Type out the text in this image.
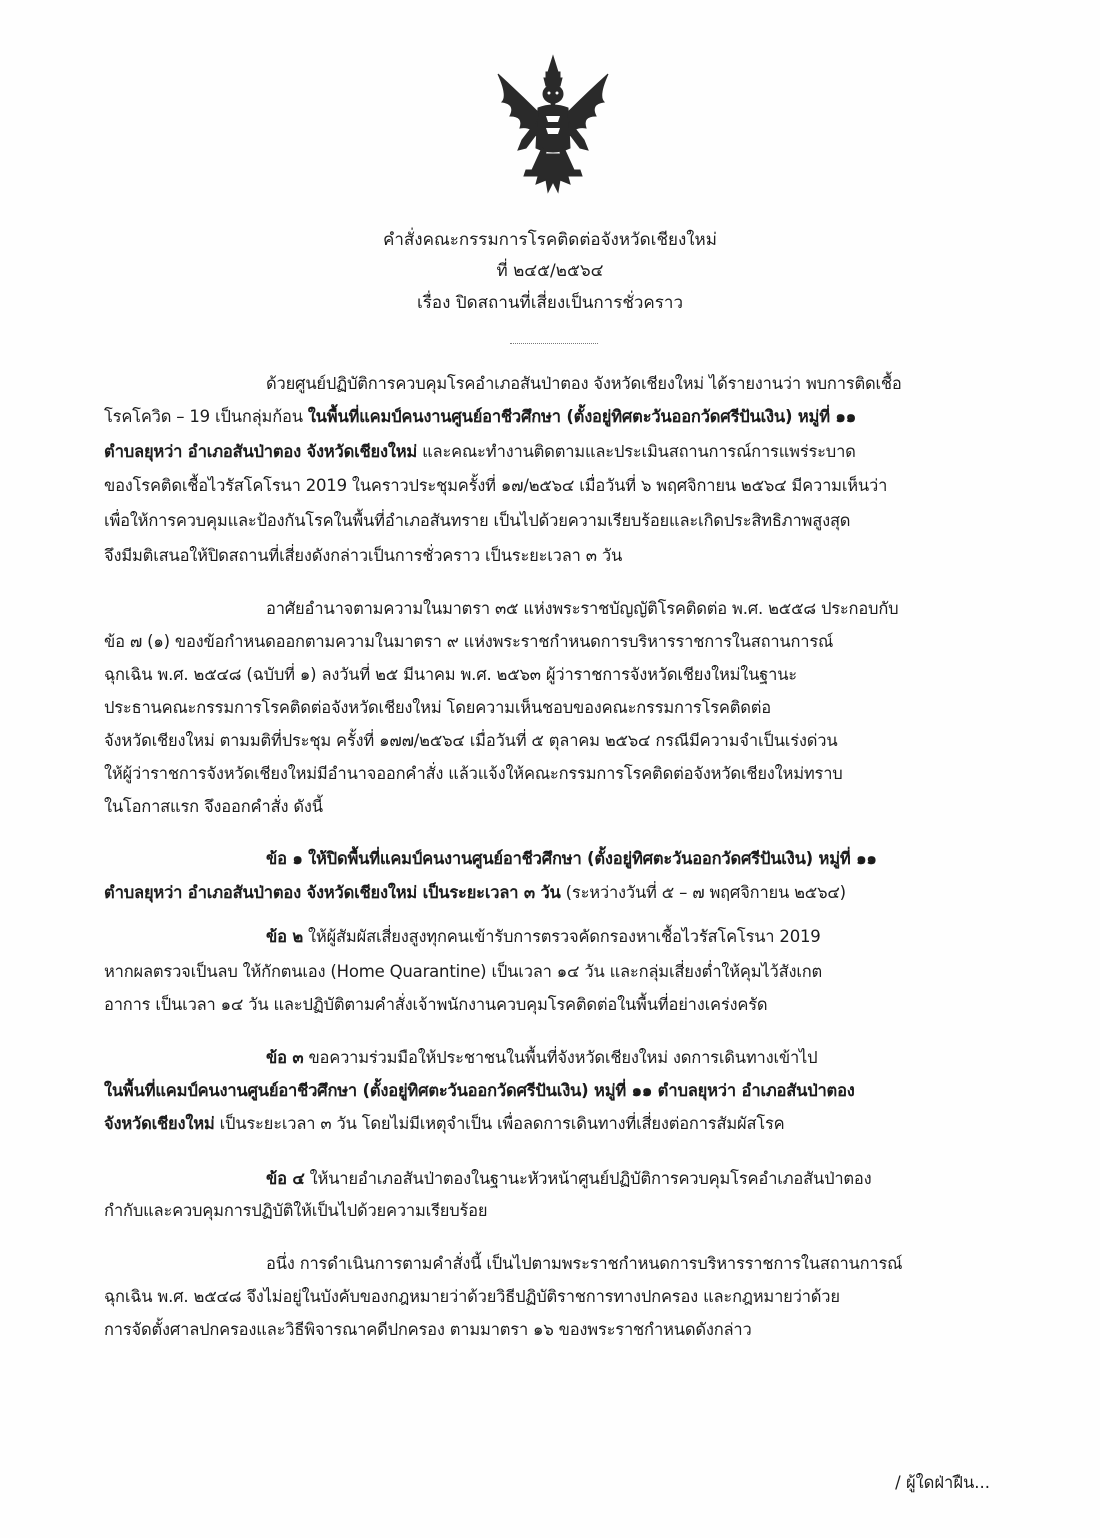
คำสั่งคณะกรรมการโรคติดต่อจังหวัดเชียงใหม่
ที่ ๒๔๕/๒๕๖๔
เรื่อง ปิดสถานที่เสี่ยงเป็นการชั่วคราว
ด้วยศูนย์ปฏิบัติการควบคุมโรคอำเภอสันป่าตอง จังหวัดเชียงใหม่ ได้รายงานว่า พบการติดเชื้อ
โรคโควิด – 19 เป็นกลุ่มก้อน ในพื้นที่แคมป์คนงานศูนย์อาชีวศึกษา (ตั้งอยู่ทิศตะวันออกวัดศรีปันเงิน) หมู่ที่ ๑๑
ตำบลยุหว่า อำเภอสันป่าตอง จังหวัดเชียงใหม่ และคณะทำงานติดตามและประเมินสถานการณ์การแพร่ระบาด
ของโรคติดเชื้อไวรัสโคโรนา 2019 ในคราวประชุมครั้งที่ ๑๗/๒๕๖๔ เมื่อวันที่ ๖ พฤศจิกายน ๒๕๖๔ มีความเห็นว่า
เพื่อให้การควบคุมและป้องกันโรคในพื้นที่อำเภอสันทราย เป็นไปด้วยความเรียบร้อยและเกิดประสิทธิภาพสูงสุด
จึงมีมติเสนอให้ปิดสถานที่เสี่ยงดังกล่าวเป็นการชั่วคราว เป็นระยะเวลา ๓ วัน
อาศัยอำนาจตามความในมาตรา ๓๕ แห่งพระราชบัญญัติโรคติดต่อ พ.ศ. ๒๕๕๘ ประกอบกับ
ข้อ ๗ (๑) ของข้อกำหนดออกตามความในมาตรา ๙ แห่งพระราชกำหนดการบริหารราชการในสถานการณ์
ฉุกเฉิน พ.ศ. ๒๕๔๘ (ฉบับที่ ๑) ลงวันที่ ๒๕ มีนาคม พ.ศ. ๒๕๖๓ ผู้ว่าราชการจังหวัดเชียงใหม่ในฐานะ
ประธานคณะกรรมการโรคติดต่อจังหวัดเชียงใหม่ โดยความเห็นชอบของคณะกรรมการโรคติดต่อ
จังหวัดเชียงใหม่ ตามมติที่ประชุม ครั้งที่ ๑๗๗/๒๕๖๔ เมื่อวันที่ ๕ ตุลาคม ๒๕๖๔ กรณีมีความจำเป็นเร่งด่วน
ให้ผู้ว่าราชการจังหวัดเชียงใหม่มีอำนาจออกคำสั่ง แล้วแจ้งให้คณะกรรมการโรคติดต่อจังหวัดเชียงใหม่ทราบ
ในโอกาสแรก จึงออกคำสั่ง ดังนี้
ข้อ ๑ ให้ปิดพื้นที่แคมป์คนงานศูนย์อาชีวศึกษา (ตั้งอยู่ทิศตะวันออกวัดศรีปันเงิน) หมู่ที่ ๑๑
ตำบลยุหว่า อำเภอสันป่าตอง จังหวัดเชียงใหม่ เป็นระยะเวลา ๓ วัน (ระหว่างวันที่ ๕ – ๗ พฤศจิกายน ๒๕๖๔)
ข้อ ๒ ให้ผู้สัมผัสเสี่ยงสูงทุกคนเข้ารับการตรวจคัดกรองหาเชื้อไวรัสโคโรนา 2019
หากผลตรวจเป็นลบ ให้กักตนเอง (Home Quarantine) เป็นเวลา ๑๔ วัน และกลุ่มเสี่ยงต่ำให้คุมไว้สังเกต
อาการ เป็นเวลา ๑๔ วัน และปฏิบัติตามคำสั่งเจ้าพนักงานควบคุมโรคติดต่อในพื้นที่อย่างเคร่งครัด
ข้อ ๓ ขอความร่วมมือให้ประชาชนในพื้นที่จังหวัดเชียงใหม่ งดการเดินทางเข้าไป
ในพื้นที่แคมป์คนงานศูนย์อาชีวศึกษา (ตั้งอยู่ทิศตะวันออกวัดศรีปันเงิน) หมู่ที่ ๑๑ ตำบลยุหว่า อำเภอสันป่าตอง
จังหวัดเชียงใหม่ เป็นระยะเวลา ๓ วัน โดยไม่มีเหตุจำเป็น เพื่อลดการเดินทางที่เสี่ยงต่อการสัมผัสโรค
ข้อ ๔ ให้นายอำเภอสันป่าตองในฐานะหัวหน้าศูนย์ปฏิบัติการควบคุมโรคอำเภอสันป่าตอง
กำกับและควบคุมการปฏิบัติให้เป็นไปด้วยความเรียบร้อย
อนึ่ง การดำเนินการตามคำสั่งนี้ เป็นไปตามพระราชกำหนดการบริหารราชการในสถานการณ์
ฉุกเฉิน พ.ศ. ๒๕๔๘ จึงไม่อยู่ในบังคับของกฎหมายว่าด้วยวิธีปฏิบัติราชการทางปกครอง และกฎหมายว่าด้วย
การจัดตั้งศาลปกครองและวิธีพิจารณาคดีปกครอง ตามมาตรา ๑๖ ของพระราชกำหนดดังกล่าว
/ ผู้ใดฝ่าฝืน...
